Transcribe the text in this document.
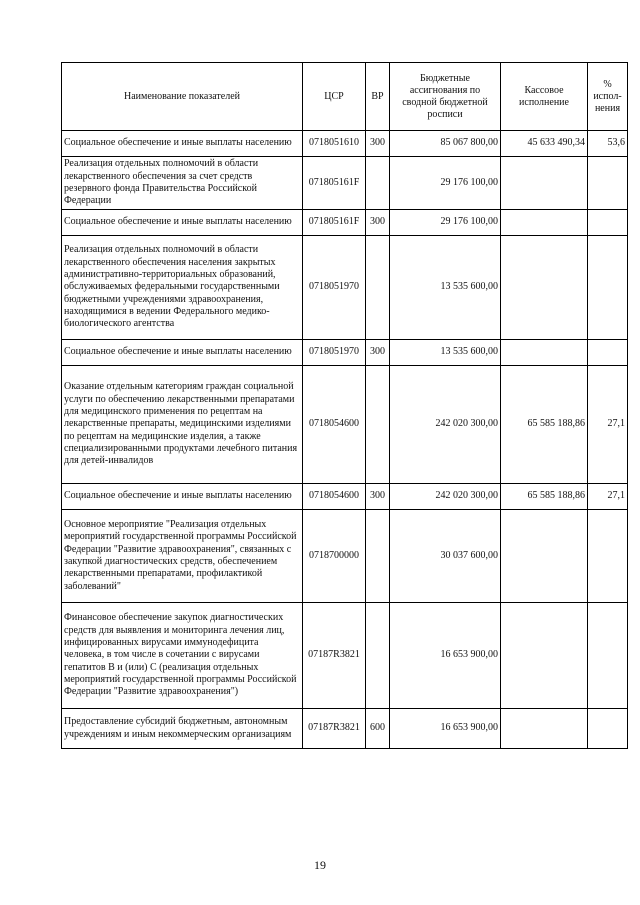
Наименование показателей	ЦСР	ВР	Бюджетные ассигнования по сводной бюджетной росписи	Кассовое исполнение	% испол-нения
Социальное обеспечение и иные выплаты населению	0718051610	300	85 067 800,00	45 633 490,34	53,6
Реализация отдельных полномочий в области лекарственного обеспечения за счет средств резервного фонда Правительства Российской Федерации	071805161F		29 176 100,00		
Социальное обеспечение и иные выплаты населению	071805161F	300	29 176 100,00		
Реализация отдельных полномочий в области лекарственного обеспечения населения закрытых административно-территориальных образований, обслуживаемых федеральными государственными бюджетными учреждениями здравоохранения, находящимися в ведении Федерального медико-биологического агентства	0718051970		13 535 600,00		
Социальное обеспечение и иные выплаты населению	0718051970	300	13 535 600,00		
Оказание отдельным категориям граждан социальной услуги по обеспечению лекарственными препаратами для медицинского применения по рецептам на лекарственные препараты, медицинскими изделиями по рецептам на медицинские изделия, а также специализированными продуктами лечебного питания для детей-инвалидов	0718054600		242 020 300,00	65 585 188,86	27,1
Социальное обеспечение и иные выплаты населению	0718054600	300	242 020 300,00	65 585 188,86	27,1
Основное мероприятие "Реализация отдельных мероприятий государственной программы Российской Федерации "Развитие здравоохранения", связанных с закупкой диагностических средств, обеспечением лекарственными препаратами, профилактикой заболеваний"	0718700000		30 037 600,00		
Финансовое обеспечение закупок диагностических средств для выявления и мониторинга лечения лиц, инфицированных вирусами иммунодефицита человека, в том числе в сочетании с вирусами гепатитов B и (или) C (реализация отдельных мероприятий государственной программы Российской Федерации "Развитие здравоохранения")	07187R3821		16 653 900,00		
Предоставление субсидий бюджетным, автономным учреждениям и иным некоммерческим организациям	07187R3821	600	16 653 900,00		
19
